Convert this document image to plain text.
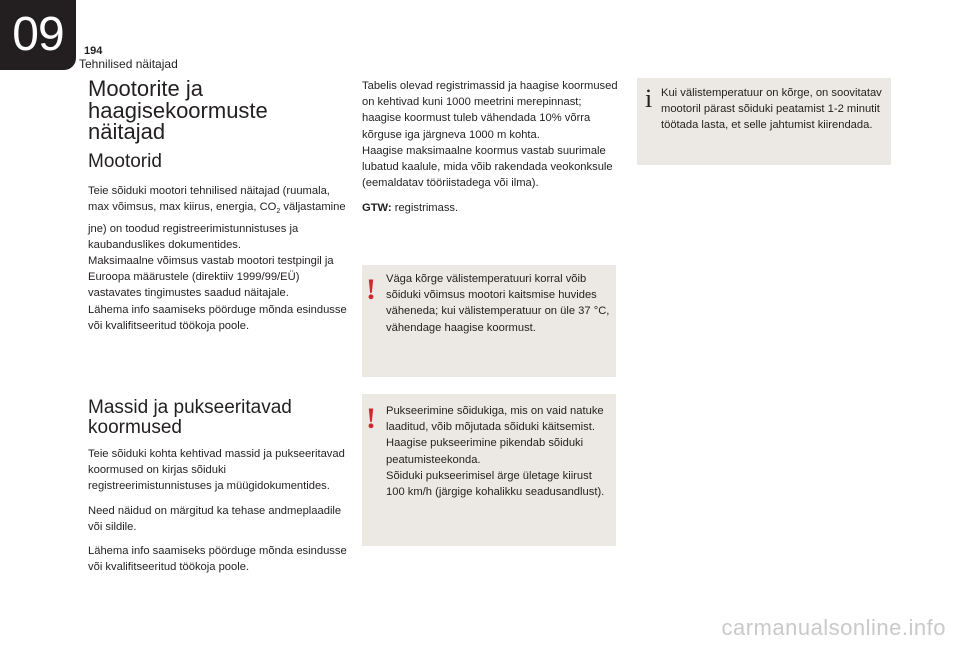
09	194
Tehnilised näitajad
Mootorite ja haagisekoormuste näitajad
Mootorid

Teie sõiduki mootori tehnilised näitajad (ruumala, max võimsus, max kiirus, energia, $CO_2$ väljastamine jne) on toodud registreerimistunnistuses ja kaubanduslikes dokumentides.

Maksimaalne võimsus vastab mootori testpingil ja Euroopa määrustele (direktiiv 1999/99/EÜ) vastavates tingimustes saadud näitajale.

Lähema info saamiseks pöörduge mõnda esindusse või kvalifitseeritud töökoja poole.

Massid ja pukseeritavad koormused

Teie sõiduki kohta kehtivad massid ja pukseeritavad koormused on kirjas sõiduki registreerimistunnistuses ja müügidokumentides.

Need näidud on märgitud ka tehase andmeplaadile või sildile.

Lähema info saamiseks pöörduge mõnda esindusse või kvalifitseeritud töökoja poole.

Tabelis olevad registrimassid ja haagise koormused on kehtivad kuni 1000 meetrini merepinnast; haagise koormust tuleb vähendada 10% võrra kõrguse iga järgneva 1000 m kohta.

Haagise maksimaalne koormus vastab suurimale lubatud kaalule, mida võib rakendada veokonksule (eemaldatav tööriistadega või ilma).

GTW: registrimass.

! Väga kõrge välistemperatuuri korral võib sõiduki võimsus mootori kaitsmise huvides väheneda; kui välistemperatuur on üle 37 °C, vähendage haagise koormust.

! Pukseerimine sõidukiga, mis on vaid natuke laaditud, võib mõjutada sõiduki käitsemist.

Haagise pukseerimine pikendab sõiduki peatumisteekonda.

Sõiduki pukseerimisel ärge ületage kiirust 100 km/h (järgige kohalikku seadusandlust).

i Kui välistemperatuur on kõrge, on soovitatav mootoril pärast sõiduki peatamist 1-2 minutit töötada lasta, et selle jahtumist kiirendada.

carmanualsonline.info
